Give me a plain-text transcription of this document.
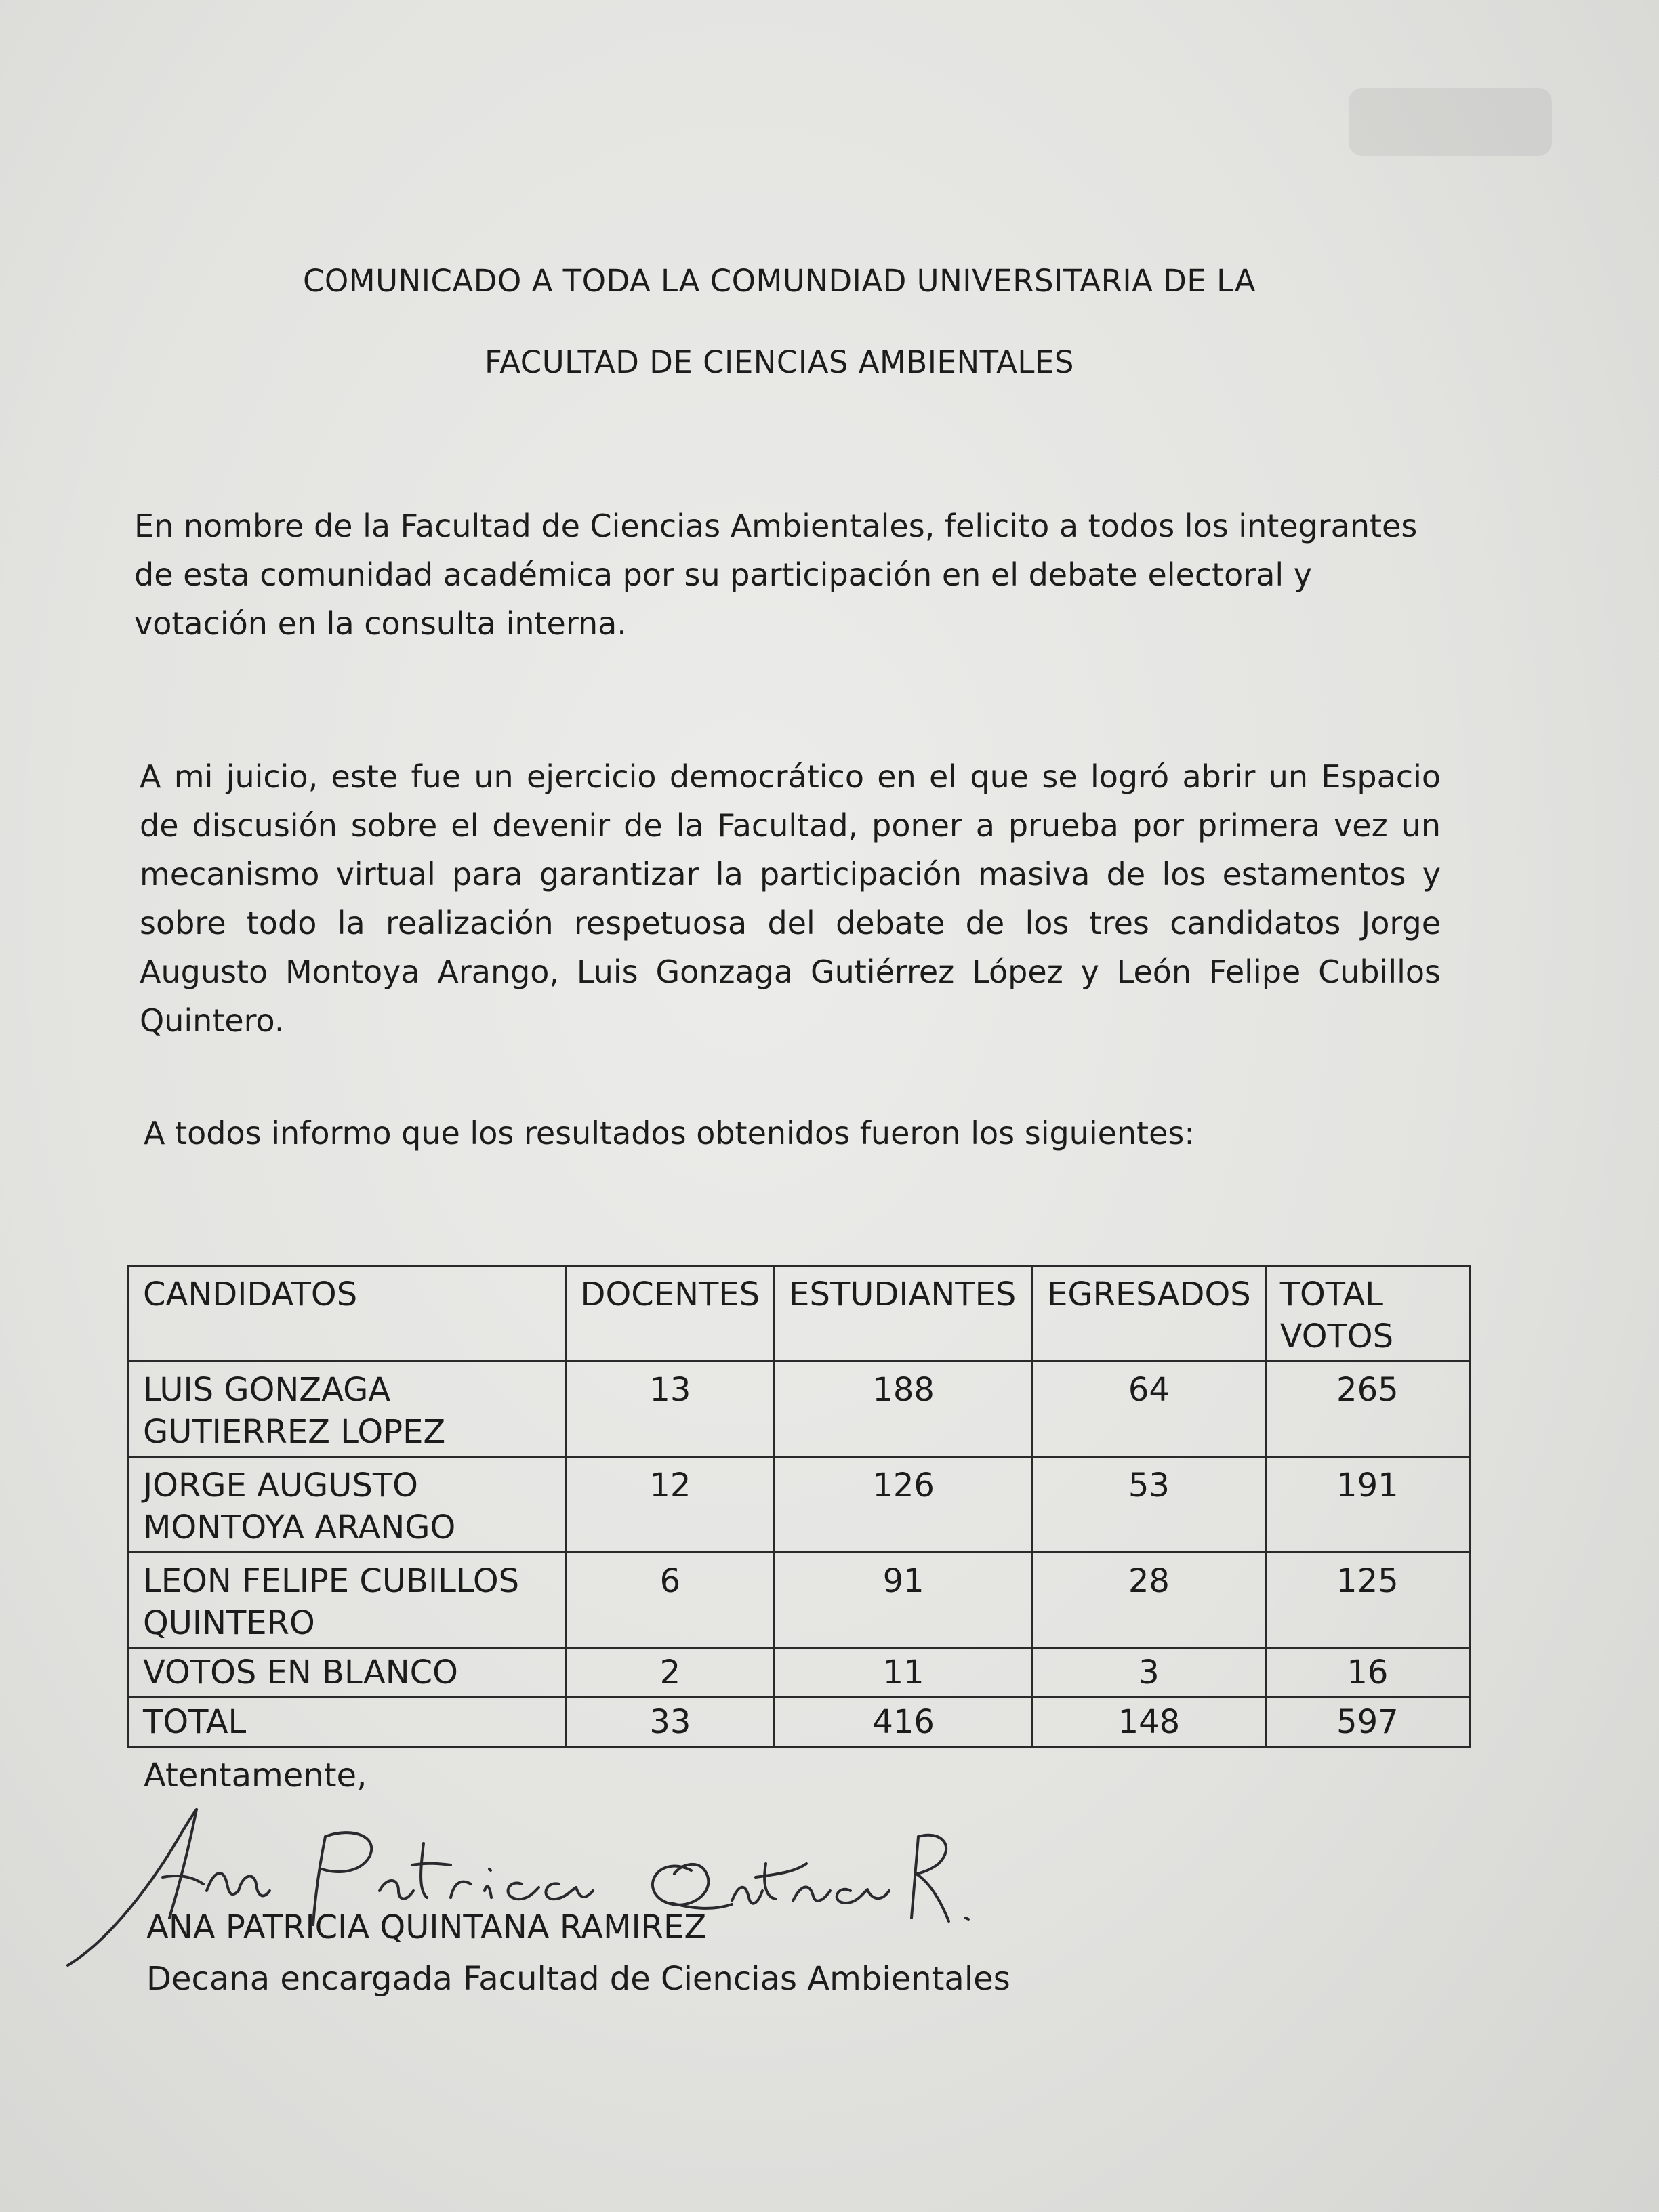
COMUNICADO A TODA LA COMUNDIAD UNIVERSITARIA DE LA
FACULTAD DE CIENCIAS AMBIENTALES
En nombre de la Facultad de Ciencias Ambientales, felicito a todos los integrantes de esta comunidad académica por su participación en el debate electoral y votación en la consulta interna.
A mi juicio, este fue un ejercicio democrático en el que se logró abrir un Espacio de discusión sobre el devenir de la Facultad, poner a prueba por primera vez un mecanismo virtual para garantizar la participación masiva de los estamentos y sobre todo la realización respetuosa del debate de los tres candidatos Jorge Augusto Montoya Arango, Luis Gonzaga Gutiérrez López y León Felipe Cubillos Quintero.
A todos informo que los resultados obtenidos fueron los siguientes:
CANDIDATOS	DOCENTES	ESTUDIANTES	EGRESADOS	TOTAL VOTOS
LUIS GONZAGA GUTIERREZ LOPEZ	13	188	64	265
JORGE AUGUSTO MONTOYA ARANGO	12	126	53	191
LEON FELIPE CUBILLOS QUINTERO	6	91	28	125
VOTOS EN BLANCO	2	11	3	16
TOTAL	33	416	148	597
Atentamente,
ANA PATRICIA QUINTANA RAMIREZ
Decana encargada Facultad de Ciencias Ambientales
